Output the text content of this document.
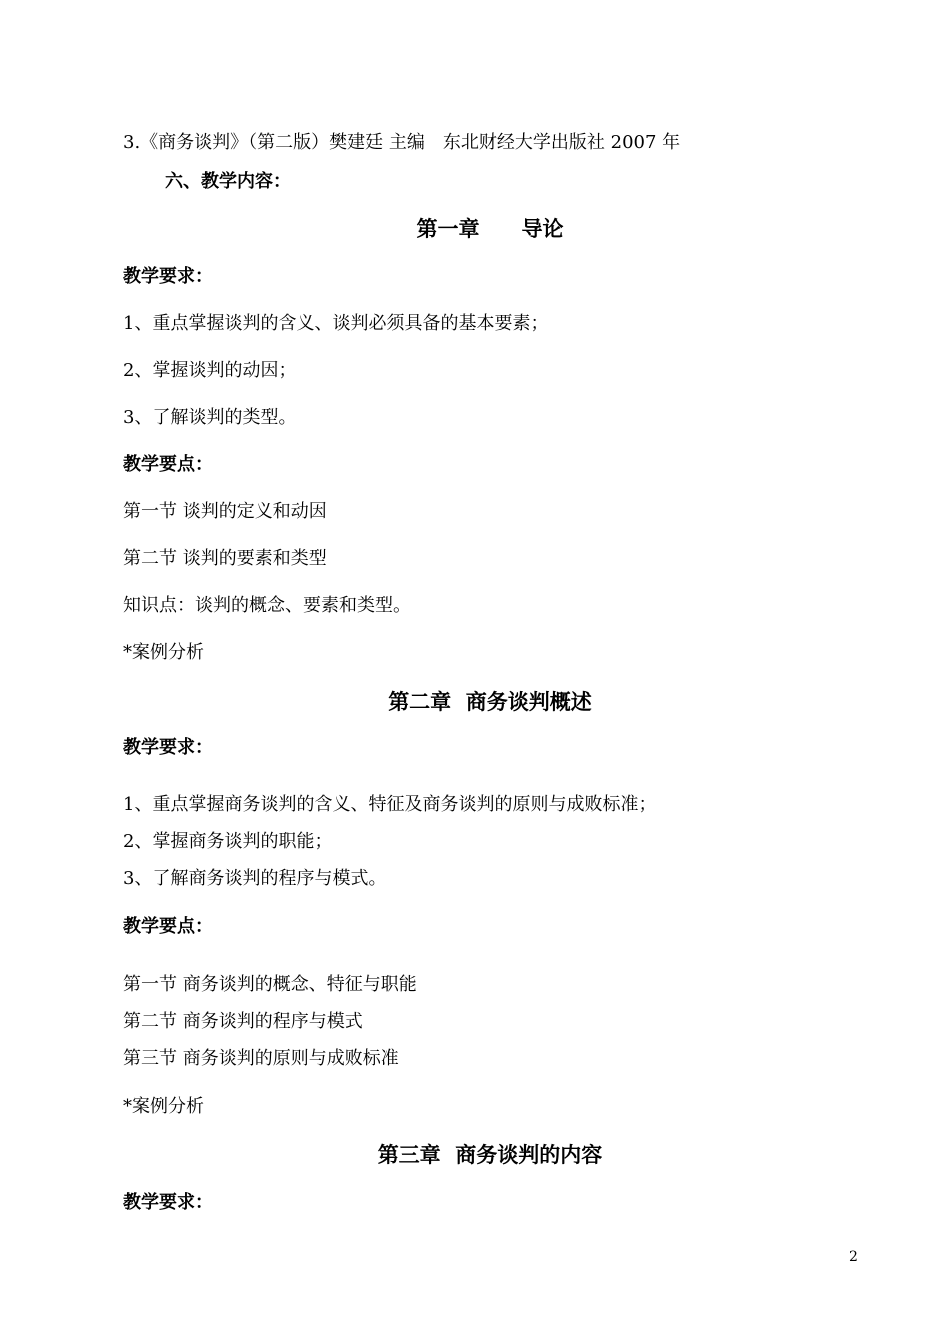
3.《商务谈判》（第二版）樊建廷 主编　东北财经大学出版社 2007 年
六、教学内容：
第一章　　导论
教学要求：
1、重点掌握谈判的含义、谈判必须具备的基本要素；
2、掌握谈判的动因；
3、了解谈判的类型。
教学要点：
第一节 谈判的定义和动因
第二节 谈判的要素和类型
知识点：谈判的概念、要素和类型。
*案例分析
第二章  商务谈判概述
教学要求：
1、重点掌握商务谈判的含义、特征及商务谈判的原则与成败标准；
2、掌握商务谈判的职能；
3、了解商务谈判的程序与模式。
教学要点：
第一节 商务谈判的概念、特征与职能
第二节 商务谈判的程序与模式
第三节 商务谈判的原则与成败标准
*案例分析
第三章  商务谈判的内容
教学要求：
2
